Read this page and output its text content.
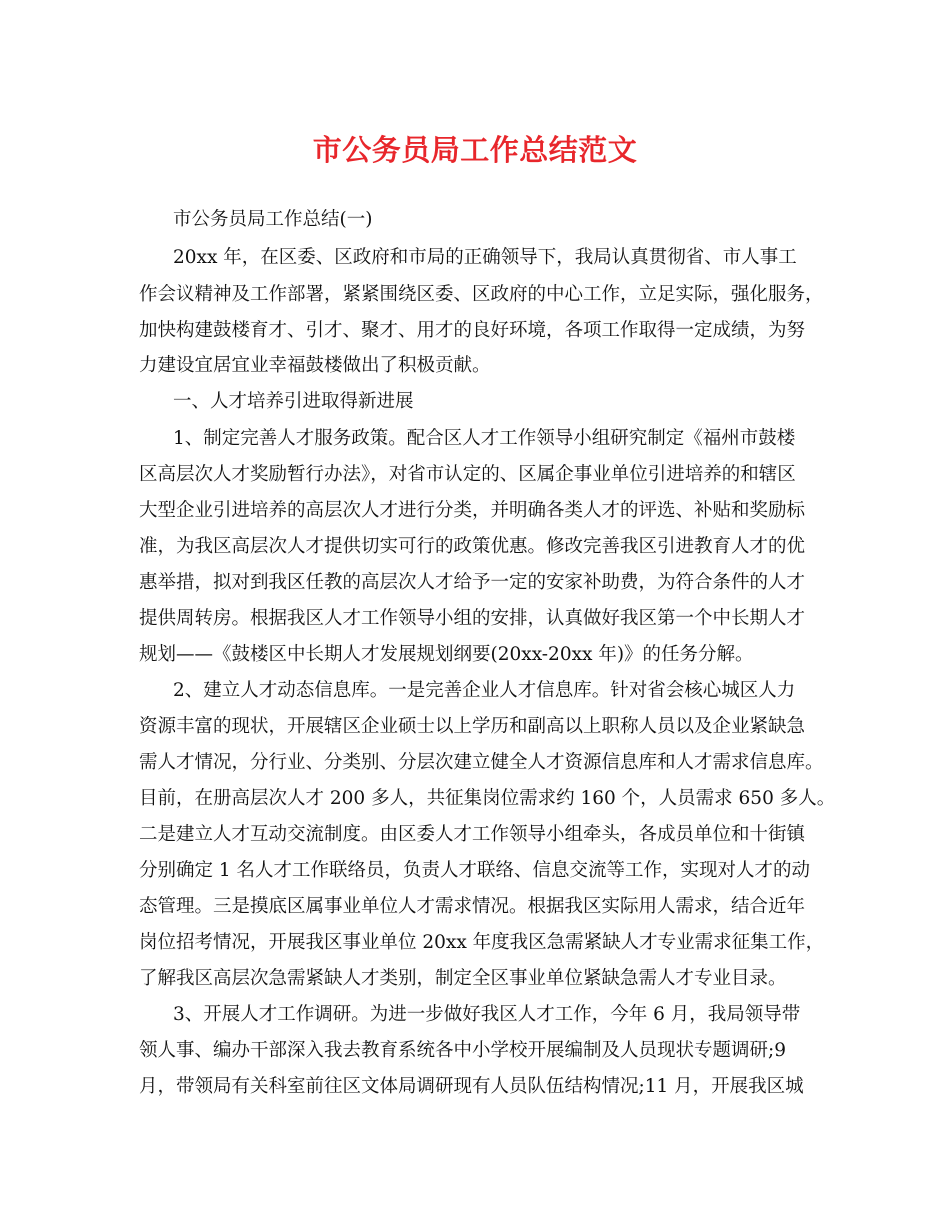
市公务员局工作总结范文
市公务员局工作总结(一)
20xx 年，在区委、区政府和市局的正确领导下，我局认真贯彻省、市人事工
作会议精神及工作部署，紧紧围绕区委、区政府的中心工作，立足实际，强化服务，
加快构建鼓楼育才、引才、聚才、用才的良好环境，各项工作取得一定成绩，为努
力建设宜居宜业幸福鼓楼做出了积极贡献。
一、人才培养引进取得新进展
1、制定完善人才服务政策。配合区人才工作领导小组研究制定《福州市鼓楼
区高层次人才奖励暂行办法》，对省市认定的、区属企事业单位引进培养的和辖区
大型企业引进培养的高层次人才进行分类，并明确各类人才的评选、补贴和奖励标
准，为我区高层次人才提供切实可行的政策优惠。修改完善我区引进教育人才的优
惠举措，拟对到我区任教的高层次人才给予一定的安家补助费，为符合条件的人才
提供周转房。根据我区人才工作领导小组的安排，认真做好我区第一个中长期人才
规划——《鼓楼区中长期人才发展规划纲要(20xx-20xx 年)》的任务分解。
2、建立人才动态信息库。一是完善企业人才信息库。针对省会核心城区人力
资源丰富的现状，开展辖区企业硕士以上学历和副高以上职称人员以及企业紧缺急
需人才情况，分行业、分类别、分层次建立健全人才资源信息库和人才需求信息库。
目前，在册高层次人才 200 多人，共征集岗位需求约 160 个，人员需求 650 多人。
二是建立人才互动交流制度。由区委人才工作领导小组牵头，各成员单位和十街镇
分别确定 1 名人才工作联络员，负责人才联络、信息交流等工作，实现对人才的动
态管理。三是摸底区属事业单位人才需求情况。根据我区实际用人需求，结合近年
岗位招考情况，开展我区事业单位 20xx 年度我区急需紧缺人才专业需求征集工作，
了解我区高层次急需紧缺人才类别，制定全区事业单位紧缺急需人才专业目录。
3、开展人才工作调研。为进一步做好我区人才工作，今年 6 月，我局领导带
领人事、编办干部深入我去教育系统各中小学校开展编制及人员现状专题调研;9
月，带领局有关科室前往区文体局调研现有人员队伍结构情况;11 月，开展我区城
